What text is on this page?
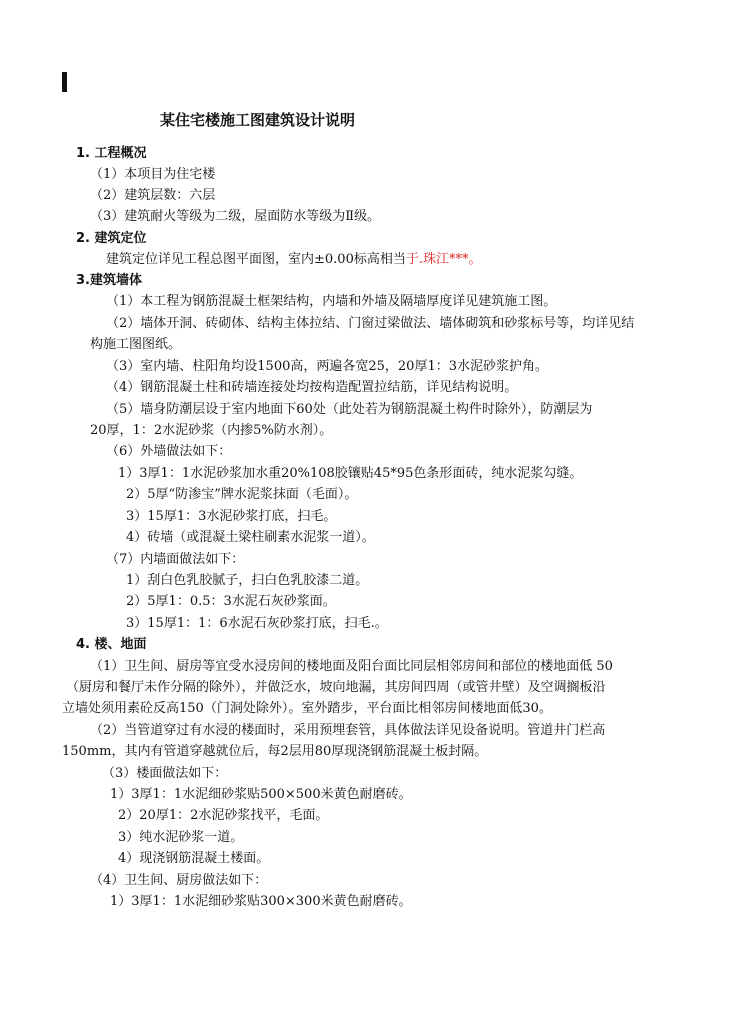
某住宅楼施工图建筑设计说明
1. 工程概况
（1）本项目为住宅楼
（2）建筑层数：六层
（3）建筑耐火等级为二级，屋面防水等级为Ⅱ级。
2. 建筑定位
建筑定位详见工程总图平面图，室内±0.00标高相当于.珠江***。
3.建筑墙体
（1）本工程为钢筋混凝土框架结构，内墙和外墙及隔墙厚度详见建筑施工图。
（2）墙体开洞、砖砌体、结构主体拉结、门窗过梁做法、墙体砌筑和砂浆标号等，均详见结
构施工图图纸。
（3）室内墙、柱阳角均设1500高，两遍各宽25，20厚1：3水泥砂浆护角。
（4）钢筋混凝土柱和砖墙连接处均按构造配置拉结筋，详见结构说明。
（5）墙身防潮层设于室内地面下60处（此处若为钢筋混凝土构件时除外），防潮层为
20厚，1：2水泥砂浆（内掺5%防水剂）。
（6）外墙做法如下：
1）3厚1：1水泥砂浆加水重20%108胶镶贴45*95色条形面砖，纯水泥浆勾缝。
2）5厚“防渗宝”牌水泥浆抹面（毛面）。
3）15厚1：3水泥砂浆打底，扫毛。
4）砖墙（或混凝土梁柱刷素水泥浆一道）。
（7）内墙面做法如下：
1）刮白色乳胶腻子，扫白色乳胶漆二道。
2）5厚1：0.5：3水泥石灰砂浆面。
3）15厚1：1：6水泥石灰砂浆打底，扫毛.。
4. 楼、地面
（1）卫生间、厨房等宜受水浸房间的楼地面及阳台面比同层相邻房间和部位的楼地面低 50
（厨房和餐厅未作分隔的除外），并做泛水，坡向地漏，其房间四周（或管井壁）及空调搁板沿
立墙处须用素砼反高150（门洞处除外）。室外踏步，平台面比相邻房间楼地面低30。
（2）当管道穿过有水浸的楼面时，采用预埋套管，具体做法详见设备说明。管道井门栏高
150mm，其内有管道穿越就位后，每2层用80厚现浇钢筋混凝土板封隔。
（3）楼面做法如下：
1）3厚1：1水泥细砂浆贴500×500米黄色耐磨砖。
2）20厚1：2水泥砂浆找平，毛面。
3）纯水泥砂浆一道。
4）现浇钢筋混凝土楼面。
（4）卫生间、厨房做法如下：
1）3厚1：1水泥细砂浆贴300×300米黄色耐磨砖。
